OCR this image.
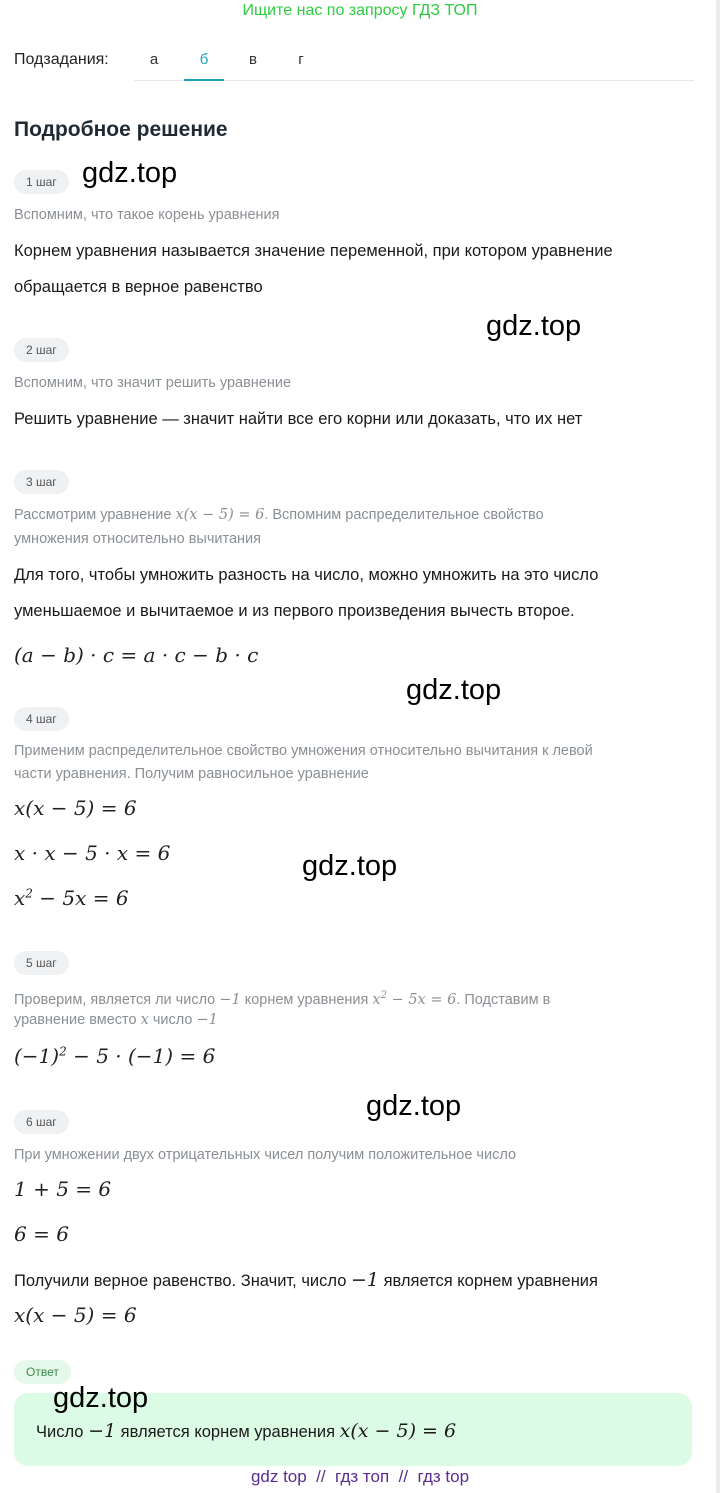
Ищите нас по запросу ГДЗ ТОП
Подзадания:	а	б	в	г
Подробное решение
1 шаг gdz.top
Вспомним, что такое корень уравнения
Корнем уравнения называется значение переменной, при котором уравнение
обращается в верное равенство
gdz.top
2 шаг
Вспомним, что значит решить уравнение
Решить уравнение — значит найти все его корни или доказать, что их нет
3 шаг
Рассмотрим уравнение x(x − 5) = 6. Вспомним распределительное свойство
умножения относительно вычитания
Для того, чтобы умножить разность на число, можно умножить на это число
уменьшаемое и вычитаемое и из первого произведения вычесть второе.
(a − b) · c = a · c − b · c
gdz.top
4 шаг
Применим распределительное свойство умножения относительно вычитания к левой
части уравнения. Получим равносильное уравнение
x(x − 5) = 6
x · x − 5 · x = 6	gdz.top
$x^2 - 5x = 6$
5 шаг
Проверим, является ли число −1 корнем уравнения $x^2 - 5x = 6$. Подставим в
уравнение вместо x число −1
$(-1)^2 - 5 \cdot (-1) = 6$
gdz.top
6 шаг
При умножении двух отрицательных чисел получим положительное число
1 + 5 = 6
6 = 6
Получили верное равенство. Значит, число −1 является корнем уравнения
x(x − 5) = 6
Ответ
gdz.top
Число −1 является корнем уравнения x(x − 5) = 6
gdz top  //  гдз топ  //  гдз top
